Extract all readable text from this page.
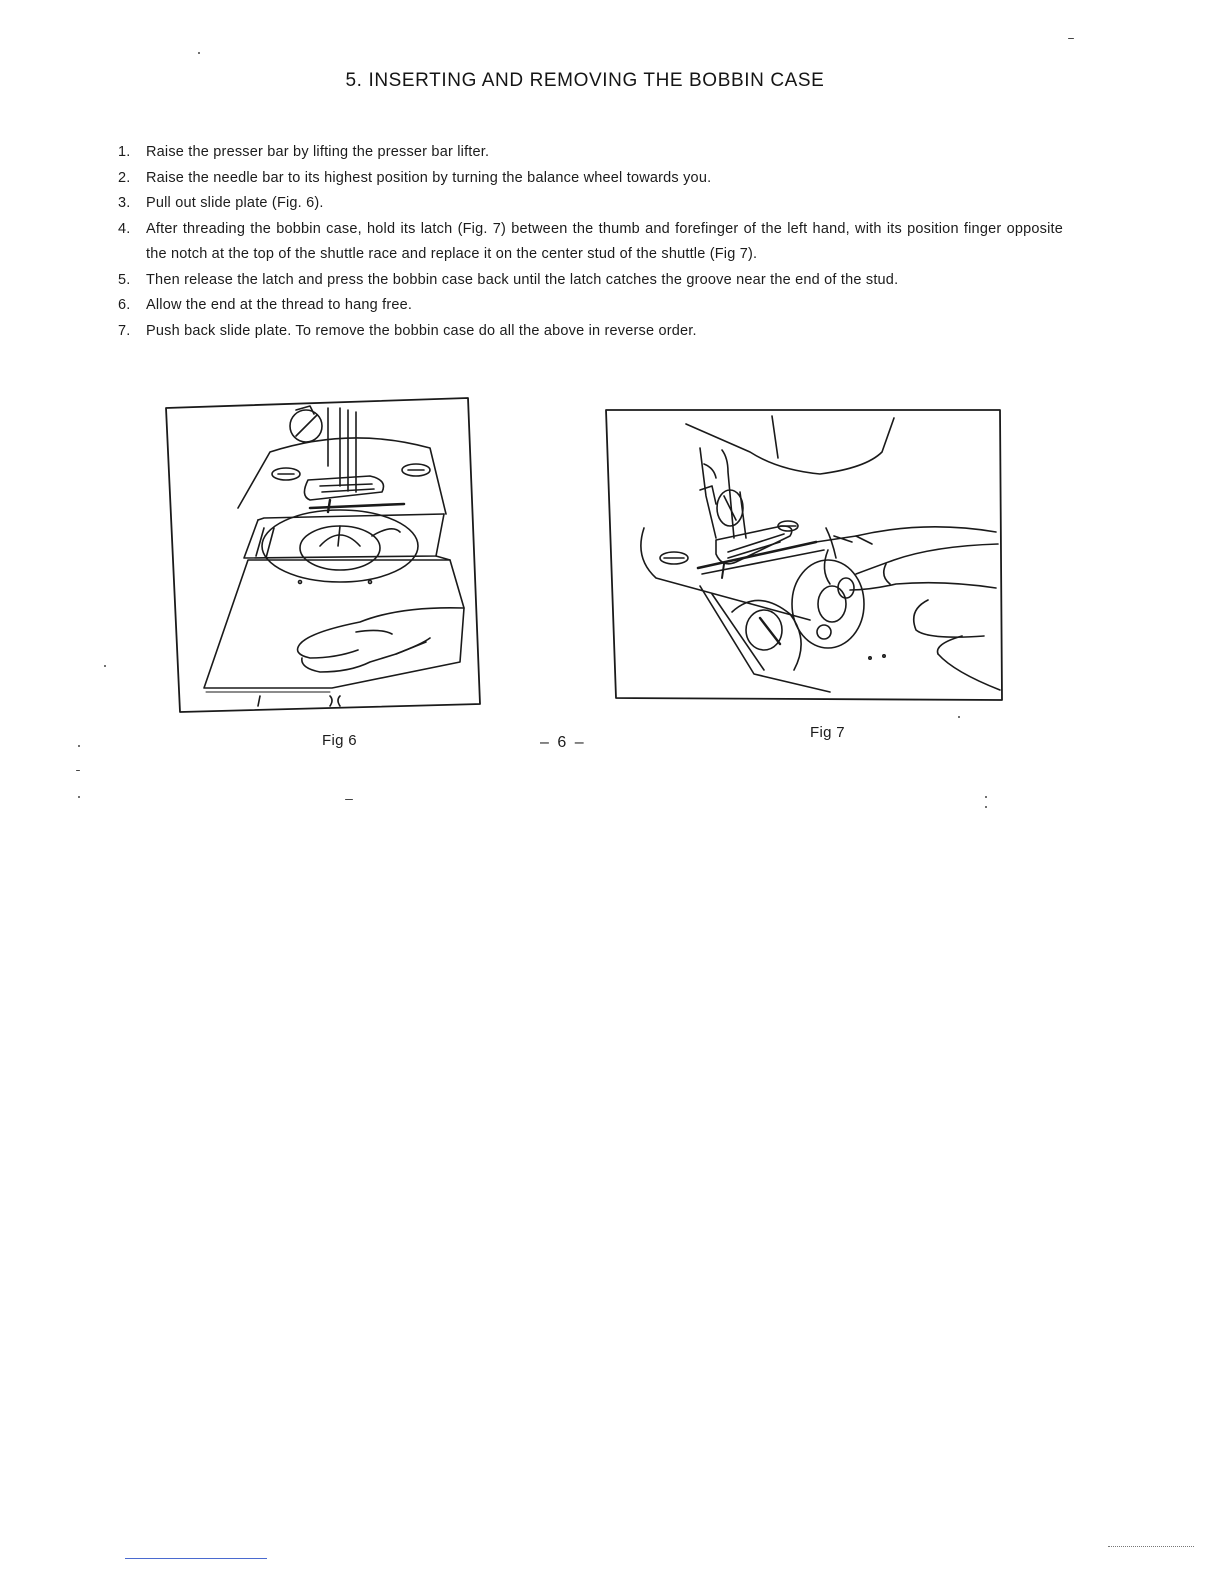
5. INSERTING AND REMOVING THE BOBBIN CASE
1.	Raise the presser bar by lifting the presser bar lifter.
2.	Raise the needle bar to its highest position by turning the balance wheel towards you.
3.	Pull out slide plate (Fig. 6).
4.	After threading the bobbin case, hold its latch (Fig. 7) between the thumb and forefinger of the left hand, with its position finger opposite the notch at the top of the shuttle race and replace it on the center stud of the shuttle (Fig 7).
5.	Then release the latch and press the bobbin case back until the latch catches the groove near the end of the stud.
6.	Allow the end at the thread to hang free.
7.	Push back slide plate. To remove the bobbin case do all the above in reverse order.
Fig 6	– 6 –
Fig 7
